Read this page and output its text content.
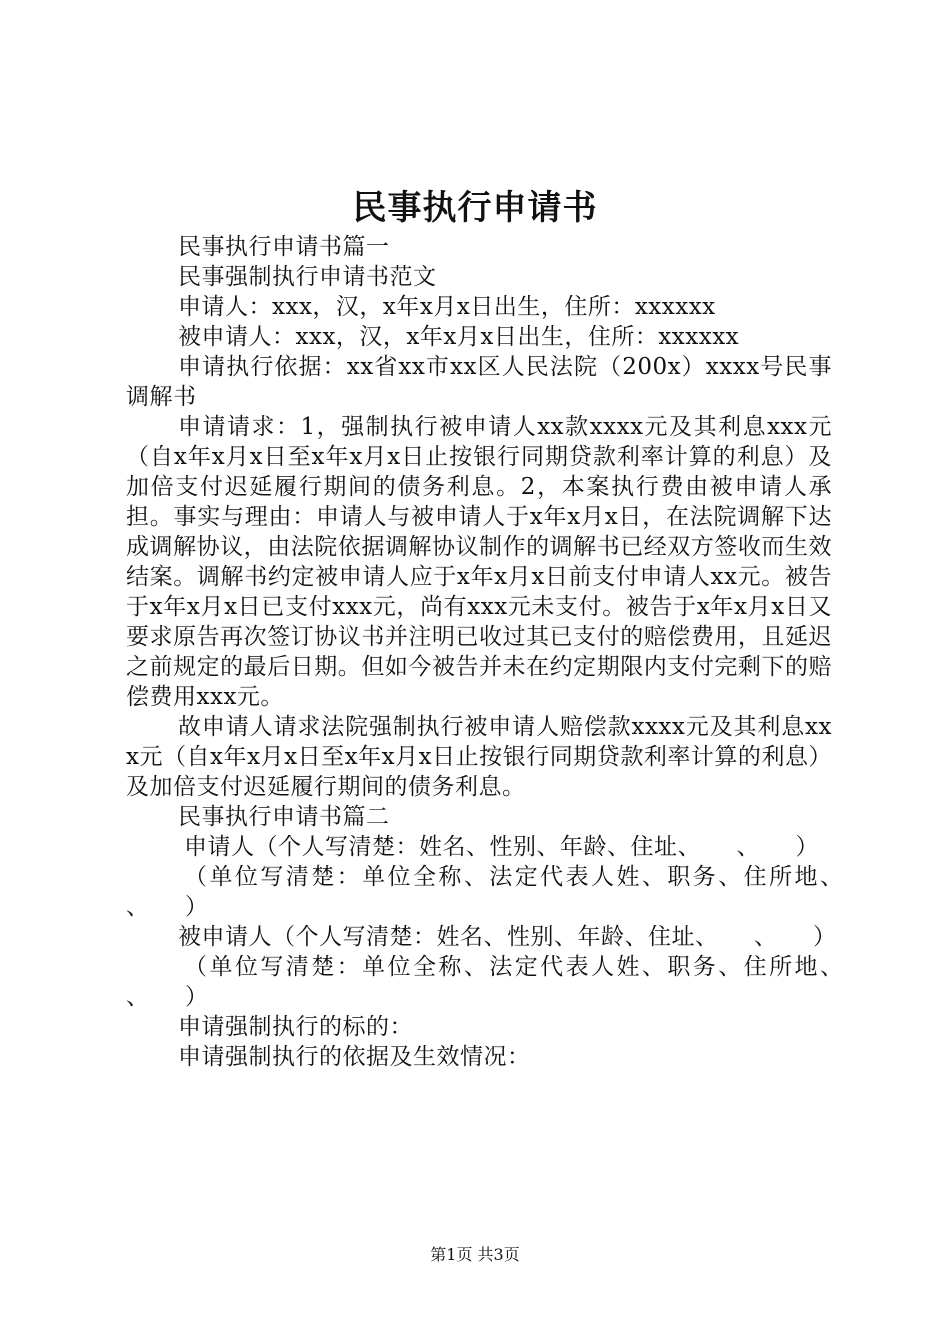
民事执行申请书

民事执行申请书篇一

民事强制执行申请书范文

申请人：xxx，汉，x年x月x日出生，住所：xxxxxx

被申请人：xxx，汉，x年x月x日出生，住所：xxxxxx

申请执行依据：xx省xx市xx区人民法院（200x）xxxx号民事调解书

申请请求：1，强制执行被申请人xx款xxxx元及其利息xxx元（自x年x月x日至x年x月x日止按银行同期贷款利率计算的利息）及加倍支付迟延履行期间的债务利息。2，本案执行费由被申请人承担。事实与理由：申请人与被申请人于x年x月x日，在法院调解下达成调解协议，由法院依据调解协议制作的调解书已经双方签收而生效结案。调解书约定被申请人应于x年x月x日前支付申请人xx元。被告于x年x月x日已支付xxx元，尚有xxx元未支付。被告于x年x月x日又要求原告再次签订协议书并注明已收过其已支付的赔偿费用，且延迟之前规定的最后日期。但如今被告并未在约定期限内支付完剩下的赔偿费用xxx元。

故申请人请求法院强制执行被申请人赔偿款xxxx元及其利息xxx元（自x年x月x日至x年x月x日止按银行同期贷款利率计算的利息）及加倍支付迟延履行期间的债务利息。

民事执行申请书篇二

申请人（个人写清楚：姓名、性别、年龄、住址、　　、　　）

（单位写清楚：单位全称、法定代表人姓、职务、住所地、　　、　　）

被申请人（个人写清楚：姓名、性别、年龄、住址、　　、　　）

（单位写清楚：单位全称、法定代表人姓、职务、住所地、　　、　　）

申请强制执行的标的：

申请强制执行的依据及生效情况：

第1页 共3页
